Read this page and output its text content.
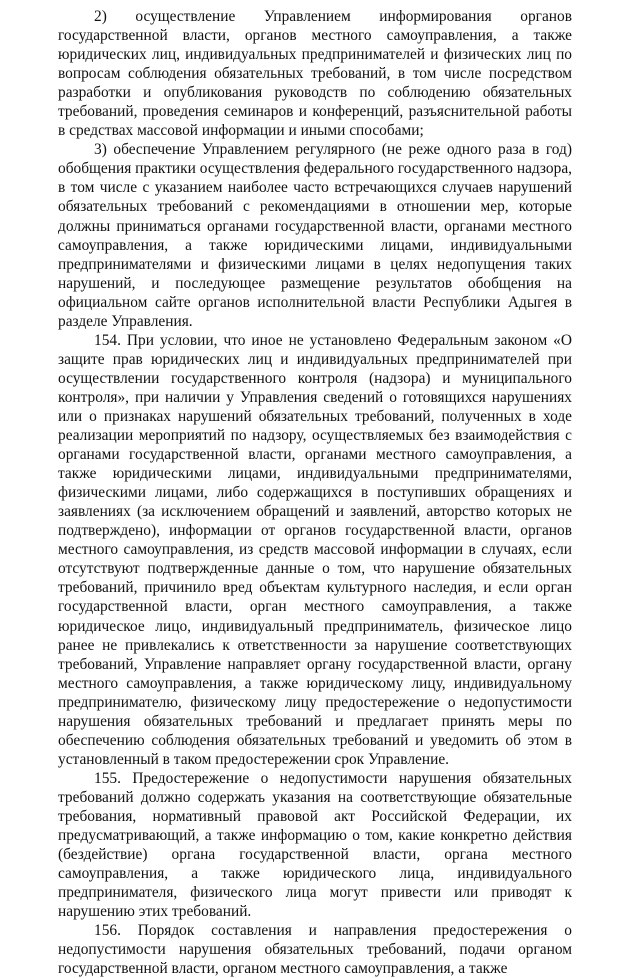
2) осуществление Управлением информирования органов государственной власти, органов местного самоуправления, а также юридических лиц, индивидуальных предпринимателей и физических лиц по вопросам соблюдения обязательных требований, в том числе посредством разработки и опубликования руководств по соблюдению обязательных требований, проведения семинаров и конференций, разъяснительной работы в средствах массовой информации и иными способами;

3) обеспечение Управлением регулярного (не реже одного раза в год) обобщения практики осуществления федерального государственного надзора, в том числе с указанием наиболее часто встречающихся случаев нарушений обязательных требований с рекомендациями в отношении мер, которые должны приниматься органами государственной власти, органами местного самоуправления, а также юридическими лицами, индивидуальными предпринимателями и физическими лицами в целях недопущения таких нарушений, и последующее размещение результатов обобщения на официальном сайте органов исполнительной власти Республики Адыгея в разделе Управления.

154. При условии, что иное не установлено Федеральным законом «О защите прав юридических лиц и индивидуальных предпринимателей при осуществлении государственного контроля (надзора) и муниципального контроля», при наличии у Управления сведений о готовящихся нарушениях или о признаках нарушений обязательных требований, полученных в ходе реализации мероприятий по надзору, осуществляемых без взаимодействия с органами государственной власти, органами местного самоуправления, а также юридическими лицами, индивидуальными предпринимателями, физическими лицами, либо содержащихся в поступивших обращениях и заявлениях (за исключением обращений и заявлений, авторство которых не подтверждено), информации от органов государственной власти, органов местного самоуправления, из средств массовой информации в случаях, если отсутствуют подтвержденные данные о том, что нарушение обязательных требований, причинило вред объектам культурного наследия, и если орган государственной власти, орган местного самоуправления, а также юридическое лицо, индивидуальный предприниматель, физическое лицо ранее не привлекались к ответственности за нарушение соответствующих требований, Управление направляет органу государственной власти, органу местного самоуправления, а также юридическому лицу, индивидуальному предпринимателю, физическому лицу предостережение о недопустимости нарушения обязательных требований и предлагает принять меры по обеспечению соблюдения обязательных требований и уведомить об этом в установленный в таком предостережении срок Управление.

155. Предостережение о недопустимости нарушения обязательных требований должно содержать указания на соответствующие обязательные требования, нормативный правовой акт Российской Федерации, их предусматривающий, а также информацию о том, какие конкретно действия (бездействие) органа государственной власти, органа местного самоуправления, а также юридического лица, индивидуального предпринимателя, физического лица могут привести или приводят к нарушению этих требований.

156. Порядок составления и направления предостережения о недопустимости нарушения обязательных требований, подачи органом государственной власти, органом местного самоуправления, а также
